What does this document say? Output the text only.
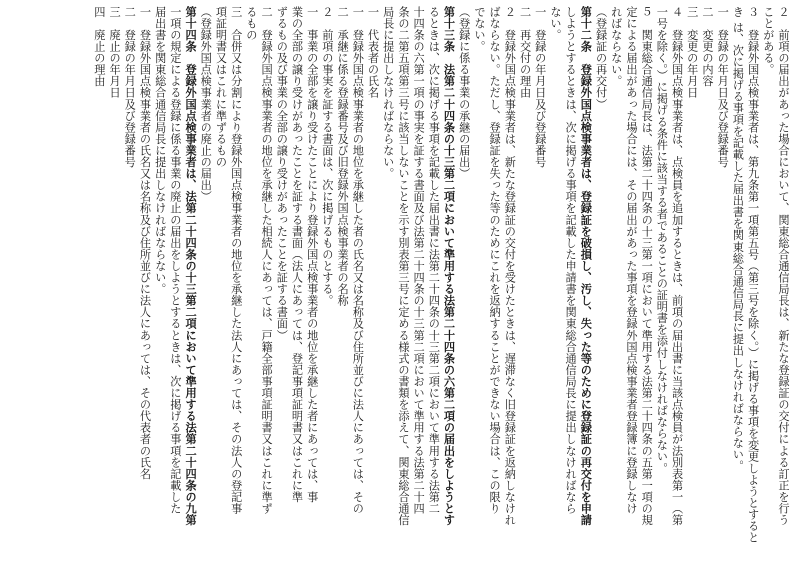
２　前項の届出があった場合において、関東総合通信局長は、新たな登録証の交付による訂正を行う
ことがある。
３　登録外国点検事業者は、第九条第一項第五号（第三号を除く。）に掲げる事項を変更しようとすると
き は、次に掲げる事項を記載した届出書を関東総合通信局長に提出しなければならない。
一　登録の年月日及び登録番号
二　変更の内容
三　変更の年月日
４　登録外国点検事業者は、点検員を追加するときは、前項の届出書に当該点検員が法別表第一（第
一号を除く。）に掲げる条件に該当する者であることの証明書を添付しなければならない。
５　関東総合通信局長は、法第二十四条の十三第一項において準用する法第二十四条の五第一項の規
定による届出があった場合には、その届出があった事項を登録外国点検事業者登録簿に登録しなけ
ればならない。
（登録証の再交付）
第十二条　登録外国点検事業者は、登録証を破損し、汚し、失った等のために登録証の再交付を申請
しようとするときは、次に掲げる事項を記載した申請書を関東総合通信局長に提出しなければなら
ない。
一　登録の年月日及び登録番号
二　再交付の理由
２　登録外国点検事業者は、新たな登録証の交付を受けたときは、遅滞なく旧登録証を返納しなけれ
ばならない。ただし、登録証を失った等のためにこれを返納することができない場合は、この限り
でない。
（登録に係る事業の承継の届出）
第十三条　法第二十四条の十三第二項において準用する法第二十四条の六第二項の届出をしようとす
るときは、次に掲げる事項を記載した届出書に法第二十四条の十三第二項において準用する法第二
十四条の六第一項の事実を証する書面及び法第二十四条の十三第二項において準用する法第二十四
条の二第五項第三号に該当しないことを示す別表第三号に定める様式の書類を添えて、関東総合通信
局長に提出しなければならない。
一　代表者の氏名
一　登録外国点検事業者の地位を承継した者の氏名又は名称及び住所並びに法人にあっては、その
二　承継に係る登録番号及び旧登録外国点検事業者の名称
２　前項の事実を証する書面は、次に掲げるものとする。
一　事業の全部を譲り受けたことにより登録外国点検事業者の地位を承継した者にあっては、事
業の全部の譲り受けがあったことを証する書面（法人にあっては、登記事項証明書又はこれに準
ずるもの及び事業の全部の譲り受けがあったことを証する書面）
二　登録外国点検事業者の地位を承継した相続人にあっては、戸籍全部事項証明書又はこれに準ず
るもの
三　合併又は分割により登録外国点検事業者の地位を承継した法人にあっては、その法人の登記事
項証明書又はこれに準ずるもの
（登録外国点検事業者の廃止の届出）
第十四条　登録外国点検事業者は、法第二十四条の十三第二項において準用する法第二十四条の九第
一項の規定による登録に係る事業の廃止の届出をしようとするときは、次に掲げる事項を記載した
届出書を関東総合通信局長に提出しなければならない。
一　登録外国点検事業者の氏名又は名称及び住所並びに法人にあっては、その代表者の氏名
二　登録の年月日及び登録番号
三　廃止の年月日
四　廃止の理由
